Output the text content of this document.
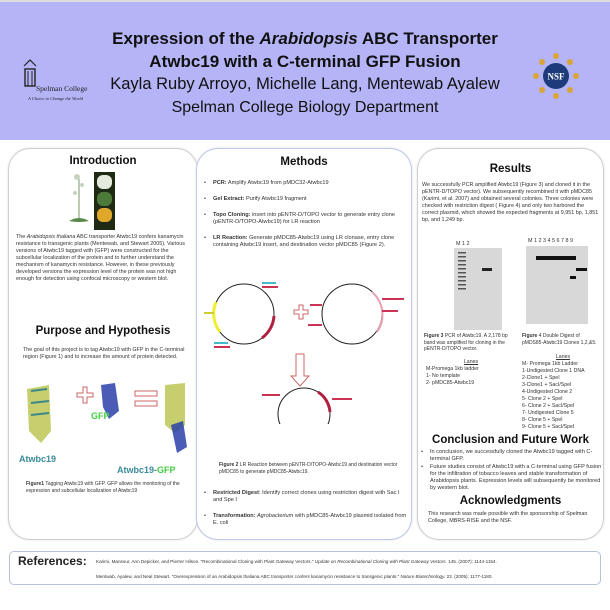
Spelman College
A Choice to Change the World
Expression of the Arabidopsis ABC Transporter
Atwbc19 with a C-terminal GFP Fusion
Kayla Ruby Arroyo, Michelle Lang, Mentewab Ayalew
Spelman College Biology Department
NSF
Introduction

The Arabidopsis thaliana ABC transporter Atwbc19 confers kanamycin resistance to transgenic plants (Mentewab, and Stewart 2005). Various versions of Atwbc19 tagged with (GFP) were constructed for the subcellular localization of the protein and to further understand the mechanism of kanamycin resistance. However, in these previously developed versions the expression level of the protein was not high enough for detection using confocal microscopy or western blot.

Purpose and Hypothesis

The goal of this project is to tag Atwbc19 with GFP in the C-terminal region (Figure 1) and to increase the amount of protein detected.

GFP
Atwbc19
Atwbc19-GFP

Figure1 Tagging Atwbc19 with GFP. GFP allows the monitoring of the expression and subcellular localization of Atwbc19

Methods
• PCR: Amplify Atwbc19 from pMDC32-Atwbc19
• Gel Extract: Purify Atwbc19 fragment
• Topo Cloning: insert into pENTR-D/TOPO vector to generate entry clone (pENTR-D/TOPO-Atwbc19) for LR reaction
• LR Reaction: Generate pMDC85-Atwbc19 using LR clonase, entry clone containing Atwbc19 insert, and destination vector pMDC85 (Figure 2).

Figure 2 LR Reaction between pENTR-D/TOPO-Atwbc19 and destination vector pMDC85 to generate pMDC85-Atwbc19.

• Restricted Digest: Identify correct clones using restriction digest with Sac I and Spe I
• Transformation: Agrobacterium with pMDC85-Atwbc19 plasmid isolated from E. coli
Results

We successfully PCR amplified Atwbc19 (Figure 3) and cloned it in the pENTR-D/TOPO vector). We subsequently recombined it with pMDC85 (Karimi, et al. 2007) and obtained several colonies. Three colonies were checked with restriction digest ( Figure 4) and only two harbored the correct plasmid, which showed the expected fragments at 9,951 bp, 1,851 bp, and 1,249 bp.

M 1 2	M 1 2 3 4 5 6 7 8 9

Figure 3 PCR of Atwbc19. A 2,178 bp band was amplified for cloning in the pENTR-D/TOPO vector.

Figure 4 Double Digest of pMDS85-Atwbc19 Clones 1,2,&5.

Lanes
M-Promega 1kb ladder
1- No template
2- pMDC85-Atwbc19
Lanes
M- Promega 1kb Ladder
1-Undigested Clone 1 DNA
2-Clone1 + SpeI
3-Clone1 + SacI/SpeI
4-Undigested Clone 2
5- Clone 2 + SpeI
6- Clone 2 + SacI/SpeI
7- Undigested Clone 5
8- Clone 5 + SpeI
9- Clone 5 + SacI/SpeI
Conclusion and Future Work
• In conclusion, we successfully cloned the Atwbc19 tagged with C-terminal GFP.
• Future studies consist of Atwbc19 with a C-terminal using GFP fusion for the infiltration of tobacco leaves and stable transformation of Arabidopsis plants. Expression levels will subsequently be monitored by western blot.
Acknowledgments

This research was made possible with the sponsorship of Spelman College, MBRS-RISE and the NSF.

References: Karimi, Mansour, Ann Depicker, and Pierrer Hilson. "Recombinational Cloning with Plant Gateway Vectors." Update on Recombinational Cloning with Plant Gateway Vectors. 145. (2007): 1144-1154.
Mentwab, Ayalew, and Neal Stewart. "Overexpression of an Arabidopsis thaliana ABC transporter confers kanamycin resistance to transgenic plants." Nature Biotechnology. 23. (2005): 1177-1180.
